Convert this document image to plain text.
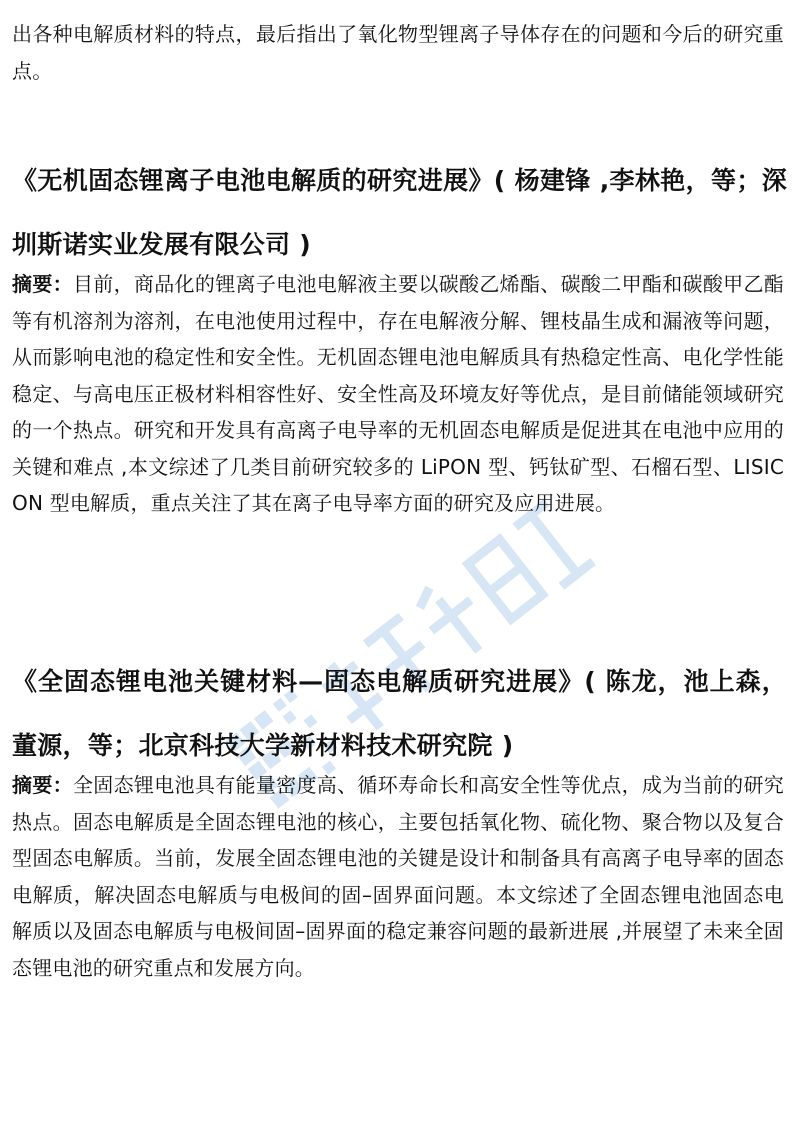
出各种电解质材料的特点，最后指出了氧化物型锂离子导体存在的问题和今后的研究重点。

《无机固态锂离子电池电解质的研究进展》( 杨建锋 ,李林艳，等；深圳斯诺实业发展有限公司 )

摘要：目前，商品化的锂离子电池电解液主要以碳酸乙烯酯、碳酸二甲酯和碳酸甲乙酯等有机溶剂为溶剂，在电池使用过程中，存在电解液分解、锂枝晶生成和漏液等问题，从而影响电池的稳定性和安全性。无机固态锂电池电解质具有热稳定性高、电化学性能稳定、与高电压正极材料相容性好、安全性高及环境友好等优点，是目前储能领域研究的一个热点。研究和开发具有高离子电导率的无机固态电解质是促进其在电池中应用的关键和难点 ,本文综述了几类目前研究较多的 LiPON 型、钙钛矿型、石榴石型、LISICON 型电解质，重点关注了其在离子电导率方面的研究及应用进展。

《全固态锂电池关键材料—固态电解质研究进展》( 陈龙，池上森，董源，等；北京科技大学新材料技术研究院 )

摘要：全固态锂电池具有能量密度高、循环寿命长和高安全性等优点，成为当前的研究热点。固态电解质是全固态锂电池的核心，主要包括氧化物、硫化物、聚合物以及复合型固态电解质。当前，发展全固态锂电池的关键是设计和制备具有高离子电导率的固态电解质，解决固态电解质与电极间的固–固界面问题。本文综述了全固态锂电池固态电解质以及固态电解质与电极间固–固界面的稳定兼容问题的最新进展 ,并展望了未来全固态锂电池的研究重点和发展方向。
